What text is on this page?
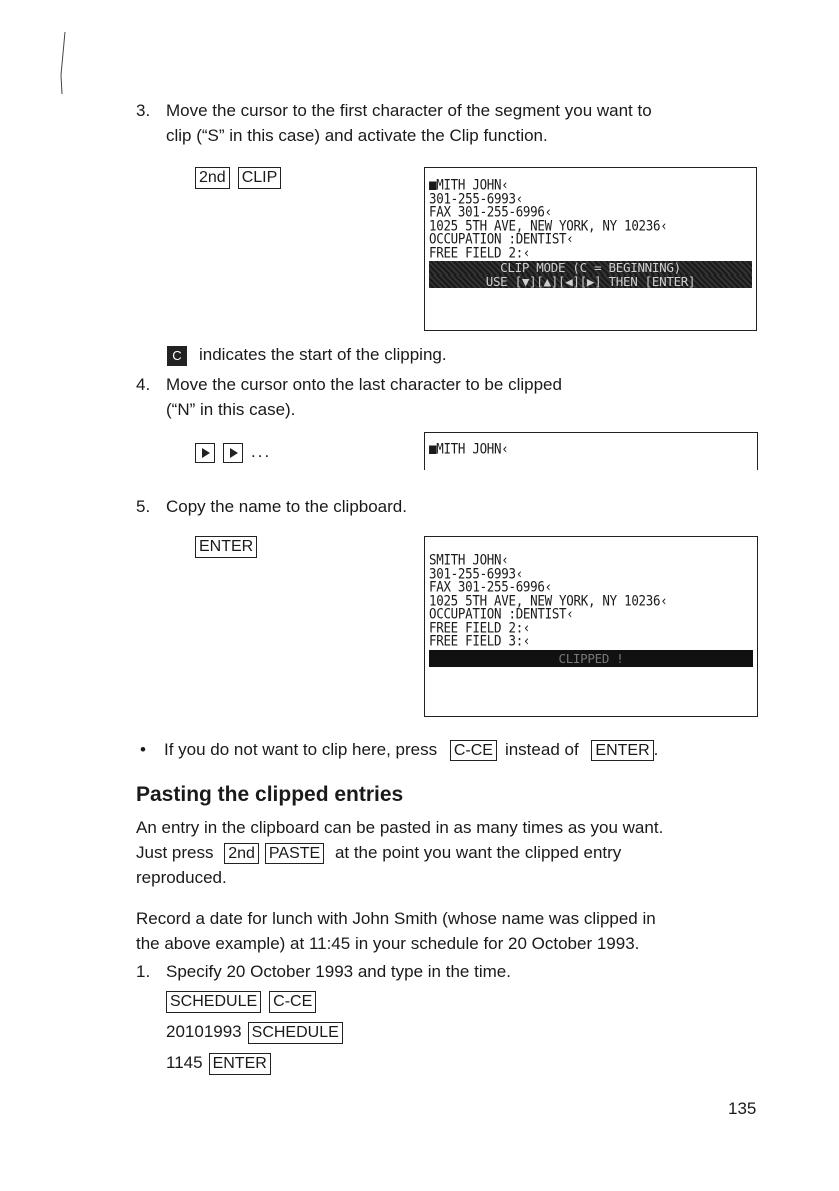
3. Move the cursor to the first character of the segment you want to
clip (“S” in this case) and activate the Clip function.
2nd CLIP	■MITH JOHN‹
301-255-6993‹
FAX 301-255-6996‹
1025 5TH AVE, NEW YORK, NY 10236‹
OCCUPATION :DENTIST‹
FREE FIELD 2:‹
CLIP MODE (C = BEGINNING)
USE [▼][▲][◀][▶] THEN [ENTER]
C indicates the start of the clipping.
4. Move the cursor onto the last character to be clipped
(“N” in this case).
...	■MITH JOHN‹
5. Copy the name to the clipboard.
ENTER
SMITH JOHN‹
301-255-6993‹
FAX 301-255-6996‹
1025 5TH AVE, NEW YORK, NY 10236‹
OCCUPATION :DENTIST‹
FREE FIELD 2:‹
FREE FIELD 3:‹
CLIPPED !
• If you do not want to clip here, press C-CE instead of ENTER .
Pasting the clipped entries
An entry in the clipboard can be pasted in as many times as you want.
Just press 2nd PASTE at the point you want the clipped entry
reproduced.
Record a date for lunch with John Smith (whose name was clipped in
the above example) at 11:45 in your schedule for 20 October 1993.
1. Specify 20 October 1993 and type in the time.
SCHEDULE C-CE
20101993 SCHEDULE
1145 ENTER
135
